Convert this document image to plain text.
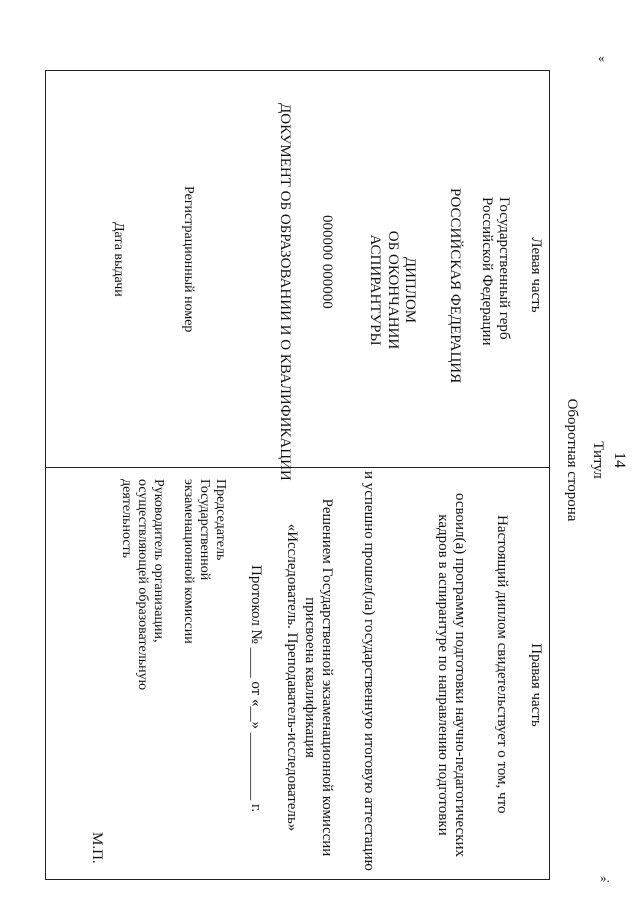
«
».
14
Титул
Оборотная сторона
Левая часть
Государственный герб
Российской Федерации
РОССИЙСКАЯ ФЕДЕРАЦИЯ
ДИПЛОМ
ОБ ОКОНЧАНИИ
АСПИРАНТУРЫ
000000 000000
ДОКУМЕНТ ОБ ОБРАЗОВАНИИ И О КВАЛИФИКАЦИИ
Регистрационный номер
Дата выдачи
Правая часть
Настоящий диплом свидетельствует о том, что
освоил(а) программу подготовки научно-педагогических
кадров в аспирантуре по направлению подготовки
и успешно прошел(ла) государственную итоговую аттестацию
Решением Государственной экзаменационной комиссии
присвоена квалификация
«Исследователь. Преподаватель-исследователь»
Протокол № ____ от «__» _________ г.
Председатель
Государственной
экзаменационной комиссии
Руководитель организации,
осуществляющей образовательную
деятельность
М.П.
